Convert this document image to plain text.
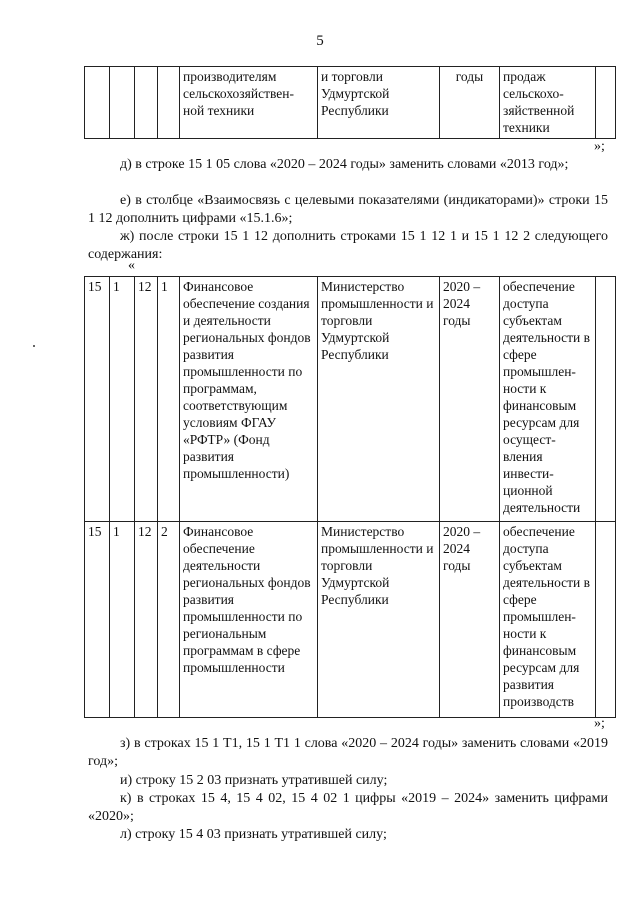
5
				производителям сельскохозяйствен-ной техники	и торговли Удмуртской Республики	годы	продаж сельскохо-зяйственной техники	
»;
д) в строке 15 1 05 слова «2020 – 2024 годы» заменить словами «2013 год»;
е) в столбце «Взаимосвязь с целевыми показателями (индикаторами)» строки 15 1 12 дополнить цифрами «15.1.6»;
ж) после строки 15 1 12 дополнить строками 15 1 12 1 и 15 1 12 2 следующего содержания:
«
15	1	12	1	Финансовое обеспечение создания и деятельности региональных фондов развития промышленности по программам, соответствующим условиям ФГАУ «РФТР» (Фонд развития промышленности)	Министерство промышленности и торговли Удмуртской Республики	2020 – 2024 годы	обеспечение доступа субъектам деятельности в сфере промышлен-ности к финансовым ресурсам для осущест-вления инвести-ционной деятельности	
15	1	12	2	Финансовое обеспечение деятельности региональных фондов развития промышленности по региональным программам в сфере промышленности	Министерство промышленности и торговли Удмуртской Республики	2020 – 2024 годы	обеспечение доступа субъектам деятельности в сфере промышлен-ности к финансовым ресурсам для развития производств	
»;
з) в строках 15 1 Т1, 15 1 Т1 1 слова «2020 – 2024 годы» заменить словами «2019 год»;
и) строку 15 2 03 признать утратившей силу;
к) в строках 15 4, 15 4 02, 15 4 02 1 цифры «2019 – 2024» заменить цифрами «2020»;
л) строку 15 4 03 признать утратившей силу;
